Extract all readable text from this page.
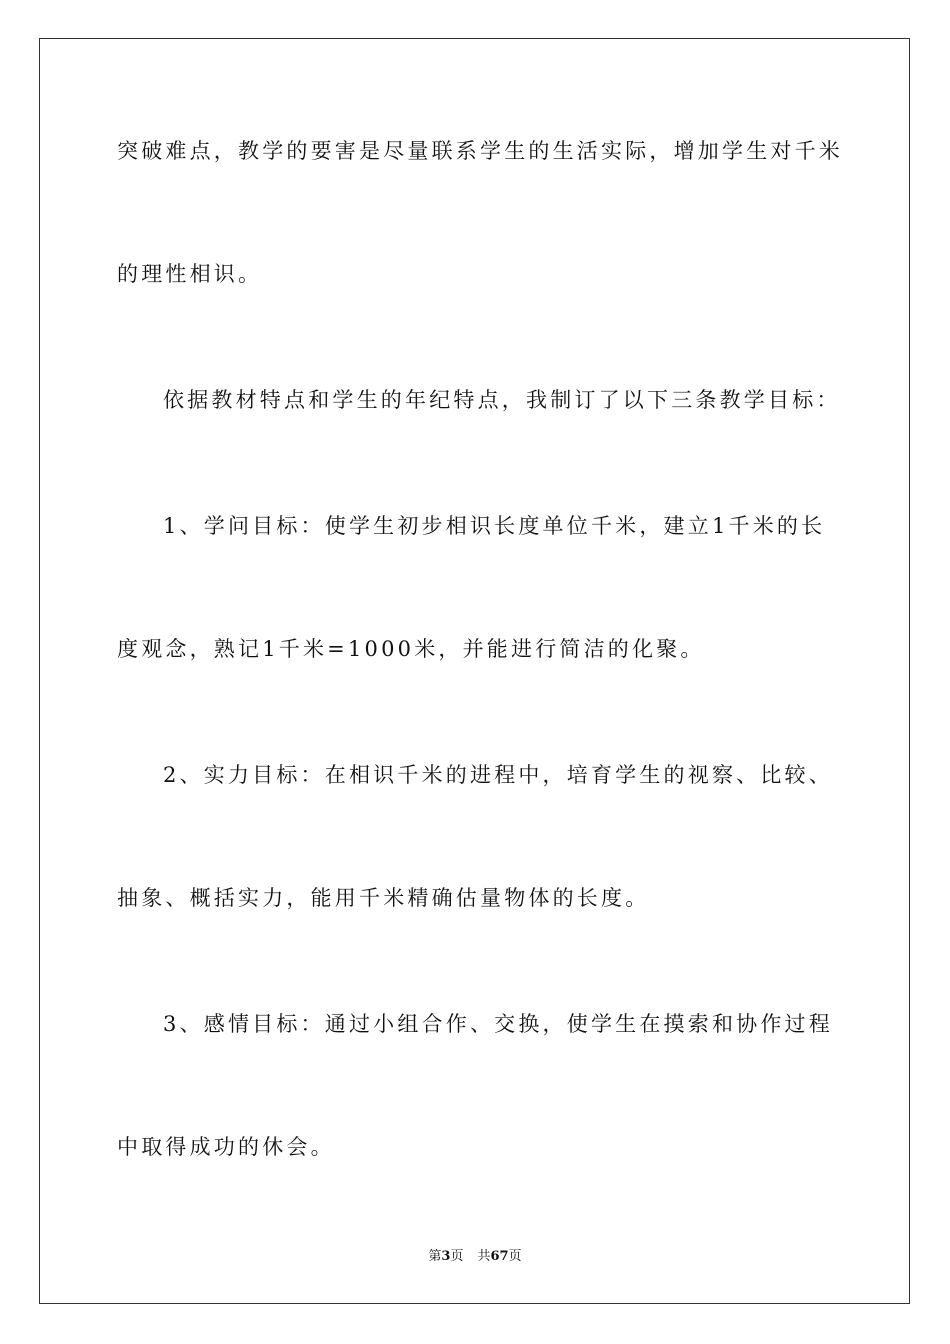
突破难点，教学的要害是尽量联系学生的生活实际，增加学生对千米
的理性相识。
依据教材特点和学生的年纪特点，我制订了以下三条教学目标：
1、学问目标：使学生初步相识长度单位千米，建立1千米的长
度观念，熟记1千米=1000米，并能进行简洁的化聚。
2、实力目标：在相识千米的进程中，培育学生的视察、比较、
抽象、概括实力，能用千米精确估量物体的长度。
3、感情目标：通过小组合作、交换，使学生在摸索和协作过程
中取得成功的休会。
第3页 共67页
